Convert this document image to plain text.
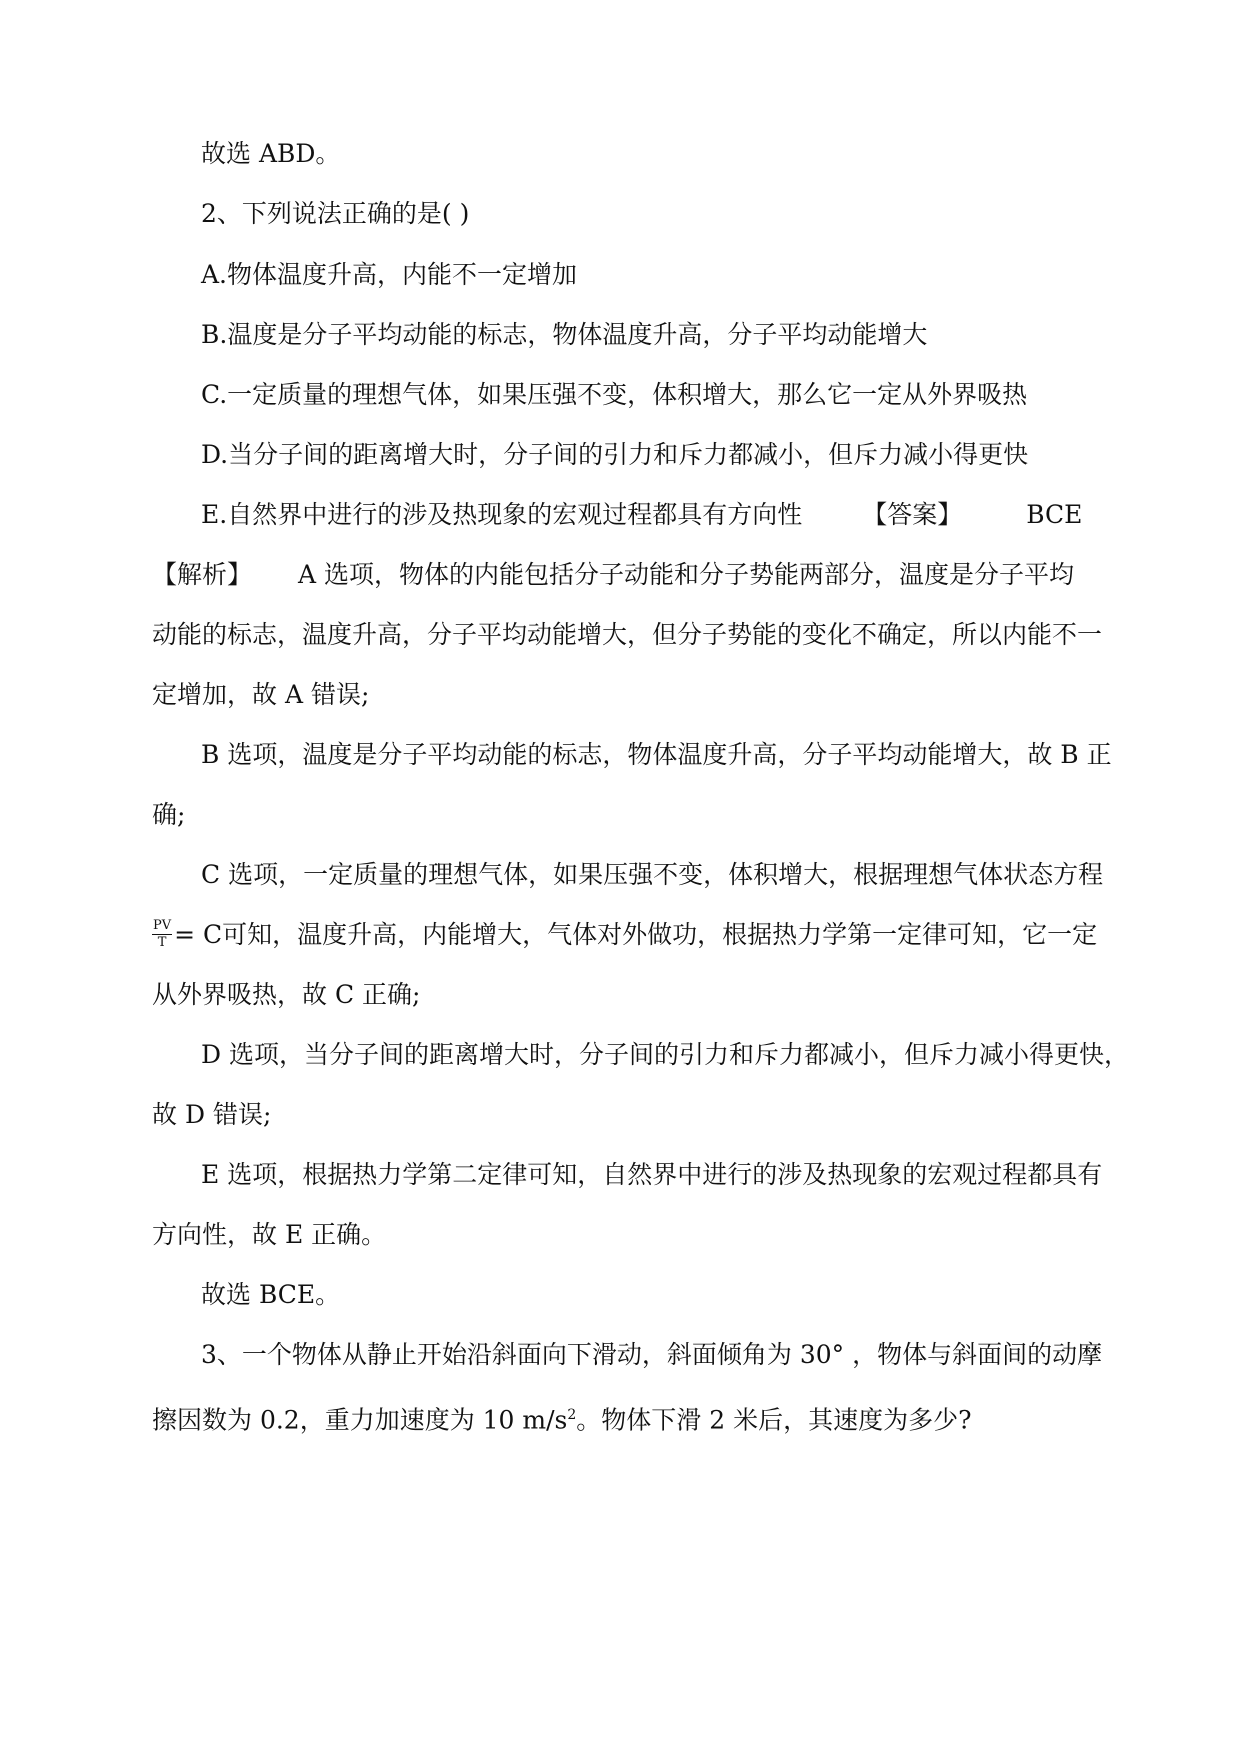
故选 ABD。
2、下列说法正确的是( )
A.物体温度升高，内能不一定增加
B.温度是分子平均动能的标志，物体温度升高，分子平均动能增大
C.一定质量的理想气体，如果压强不变，体积增大，那么它一定从外界吸热
D.当分子间的距离增大时，分子间的引力和斥力都减小，但斥力减小得更快
E.自然界中进行的涉及热现象的宏观过程都具有方向性 【答案】	BCE
【解析】 A 选项，物体的内能包括分子动能和分子势能两部分，温度是分子平均
动能的标志，温度升高，分子平均动能增大，但分子势能的变化不确定，所以内能不一
定增加，故 A 错误;
B 选项，温度是分子平均动能的标志，物体温度升高，分子平均动能增大，故 B 正
确;
C 选项，一定质量的理想气体，如果压强不变，体积增大，根据理想气体状态方程
$\frac{PV}{T} = C$可知，温度升高，内能增大，气体对外做功，根据热力学第一定律可知，它一定
从外界吸热，故 C 正确;
D 选项，当分子间的距离增大时，分子间的引力和斥力都减小，但斥力减小得更快，
故 D 错误;
E 选项，根据热力学第二定律可知，自然界中进行的涉及热现象的宏观过程都具有
方向性，故 E 正确。
故选 BCE。
3、一个物体从静止开始沿斜面向下滑动，斜面倾角为 30° ，物体与斜面间的动摩
擦因数为 0.2，重力加速度为 10 $m/s^2$。物体下滑 2 米后，其速度为多少?
